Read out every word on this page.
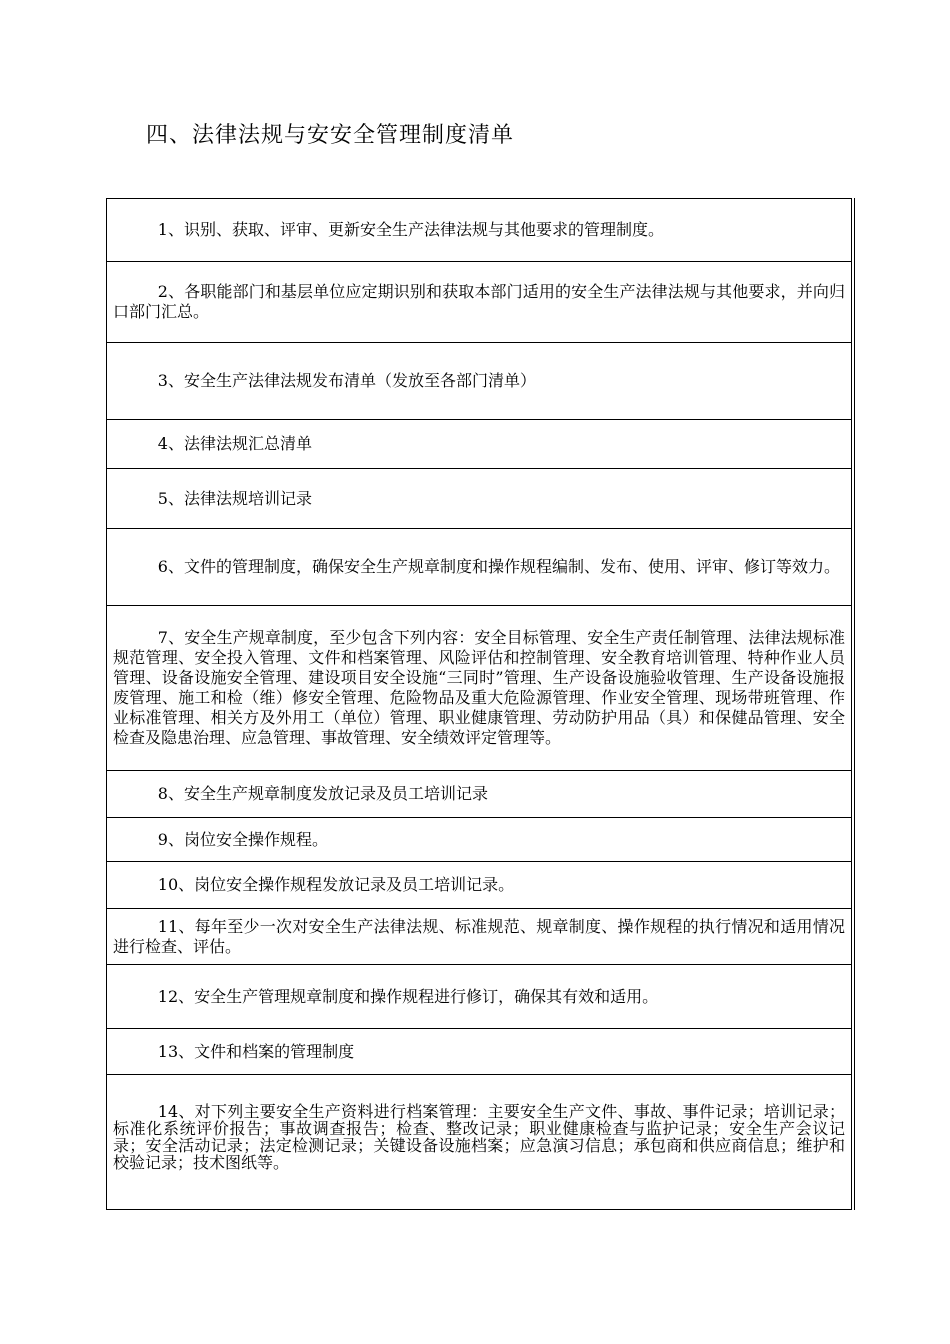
四、法律法规与安安全管理制度清单
1、识别、获取、评审、更新安全生产法律法规与其他要求的管理制度。
2、各职能部门和基层单位应定期识别和获取本部门适用的安全生产法律法规与其他要求，并向归口部门汇总。
3、安全生产法律法规发布清单（发放至各部门清单）
4、法律法规汇总清单
5、法律法规培训记录
6、文件的管理制度，确保安全生产规章制度和操作规程编制、发布、使用、评审、修订等效力。
7、安全生产规章制度，至少包含下列内容：安全目标管理、安全生产责任制管理、法律法规标准规范管理、安全投入管理、文件和档案管理、风险评估和控制管理、安全教育培训管理、特种作业人员管理、设备设施安全管理、建设项目安全设施“三同时”管理、生产设备设施验收管理、生产设备设施报废管理、施工和检（维）修安全管理、危险物品及重大危险源管理、作业安全管理、现场带班管理、作业标准管理、相关方及外用工（单位）管理、职业健康管理、劳动防护用品（具）和保健品管理、安全检查及隐患治理、应急管理、事故管理、安全绩效评定管理等。
8、安全生产规章制度发放记录及员工培训记录
9、岗位安全操作规程。
10、岗位安全操作规程发放记录及员工培训记录。
11、每年至少一次对安全生产法律法规、标准规范、规章制度、操作规程的执行情况和适用情况进行检查、评估。
12、安全生产管理规章制度和操作规程进行修订，确保其有效和适用。
13、文件和档案的管理制度
14、对下列主要安全生产资料进行档案管理：主要安全生产文件、事故、事件记录；培训记录；标准化系统评价报告；事故调查报告；检查、整改记录；职业健康检查与监护记录；安全生产会议记录；安全活动记录；法定检测记录；关键设备设施档案；应急演习信息；承包商和供应商信息；维护和校验记录；技术图纸等。
